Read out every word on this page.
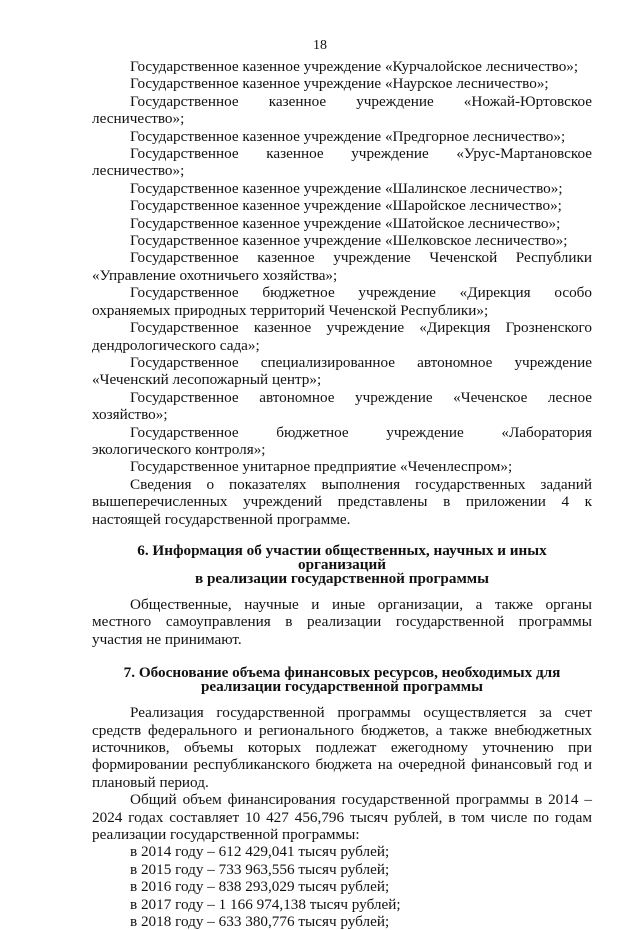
18

Государственное казенное учреждение «Курчалойское лесничество»;

Государственное казенное учреждение «Наурское лесничество»;

Государственное казенное учреждение «Ножай-Юртовское лесничество»;

Государственное казенное учреждение «Предгорное лесничество»;

Государственное казенное учреждение «Урус-Мартановское лесничество»;

Государственное казенное учреждение «Шалинское лесничество»;

Государственное казенное учреждение «Шаройское лесничество»;

Государственное казенное учреждение «Шатойское лесничество»;

Государственное казенное учреждение «Шелковское лесничество»;

Государственное казенное учреждение Чеченской Республики «Управление охотничьего хозяйства»;

Государственное бюджетное учреждение «Дирекция особо охраняемых природных территорий Чеченской Республики»;

Государственное казенное учреждение «Дирекция Грозненского дендрологического сада»;

Государственное специализированное автономное учреждение «Чеченский лесопожарный центр»;

Государственное автономное учреждение «Чеченское лесное хозяйство»;

Государственное бюджетное учреждение «Лаборатория экологического контроля»;

Государственное унитарное предприятие «Чеченлеспром»;

Сведения о показателях выполнения государственных заданий вышеперечисленных учреждений представлены в приложении 4 к настоящей государственной программе.

6. Информация об участии общественных, научных и иных организаций

в реализации государственной программы

Общественные, научные и иные организации, а также органы местного самоуправления в реализации государственной программы участия не принимают.

7. Обоснование объема финансовых ресурсов, необходимых для

реализации государственной программы

Реализация государственной программы осуществляется за счет средств федерального и регионального бюджетов, а также внебюджетных источников, объемы которых подлежат ежегодному уточнению при формировании республиканского бюджета на очередной финансовый год и плановый период.

Общий объем финансирования государственной программы в 2014 – 2024 годах составляет 10 427 456,796 тысяч рублей, в том числе по годам реализации государственной программы:

в 2014 году – 612 429,041 тысяч рублей;

в 2015 году – 733 963,556 тысяч рублей;

в 2016 году – 838 293,029 тысяч рублей;

в 2017 году – 1 166 974,138 тысяч рублей;

в 2018 году – 633 380,776 тысяч рублей;
